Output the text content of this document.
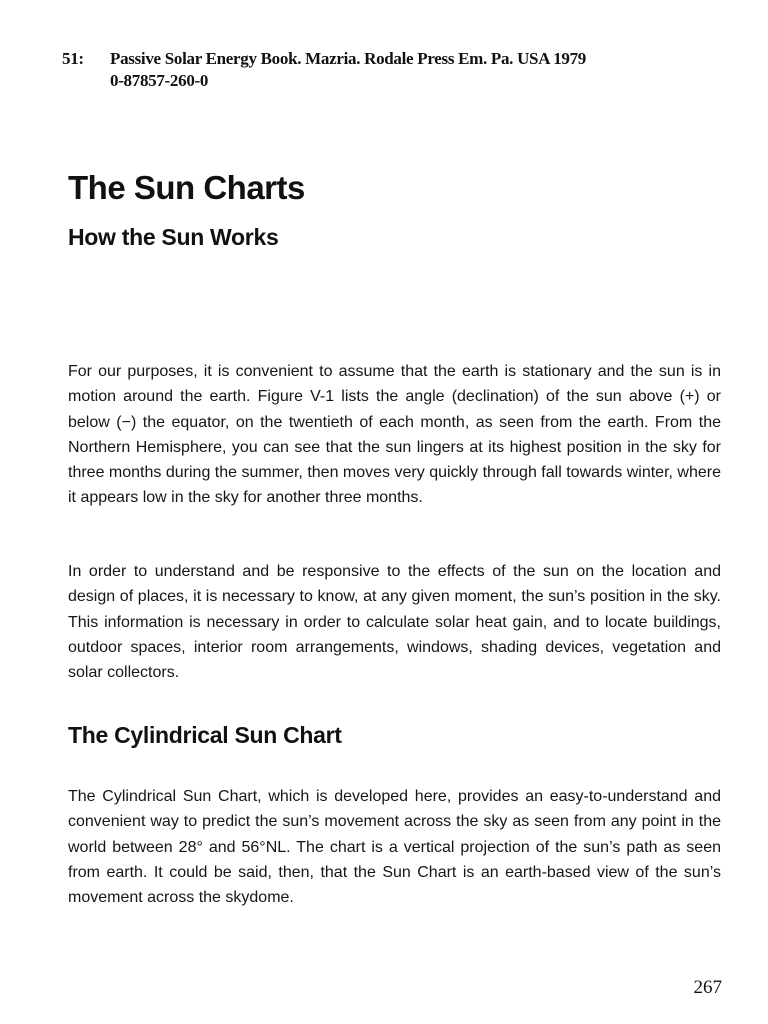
51: Passive Solar Energy Book. Mazria. Rodale Press Em. Pa. USA 1979
0-87857-260-0
The Sun Charts
How the Sun Works

For our purposes, it is convenient to assume that the earth is stationary and the sun is in motion around the earth. Figure V-1 lists the angle (declination) of the sun above (+) or below (−) the equator, on the twentieth of each month, as seen from the earth. From the Northern Hemisphere, you can see that the sun lingers at its highest position in the sky for three months during the summer, then moves very quickly through fall towards winter, where it appears low in the sky for another three months.

In order to understand and be responsive to the effects of the sun on the location and design of places, it is necessary to know, at any given moment, the sun’s position in the sky. This information is necessary in order to calculate solar heat gain, and to locate buildings, outdoor spaces, interior room arrangements, windows, shading devices, vegetation and solar collectors.

The Cylindrical Sun Chart

The Cylindrical Sun Chart, which is developed here, provides an easy-to-understand and convenient way to predict the sun’s movement across the sky as seen from any point in the world between 28° and 56°NL. The chart is a vertical projection of the sun’s path as seen from earth. It could be said, then, that the Sun Chart is an earth-based view of the sun’s movement across the skydome.

267
